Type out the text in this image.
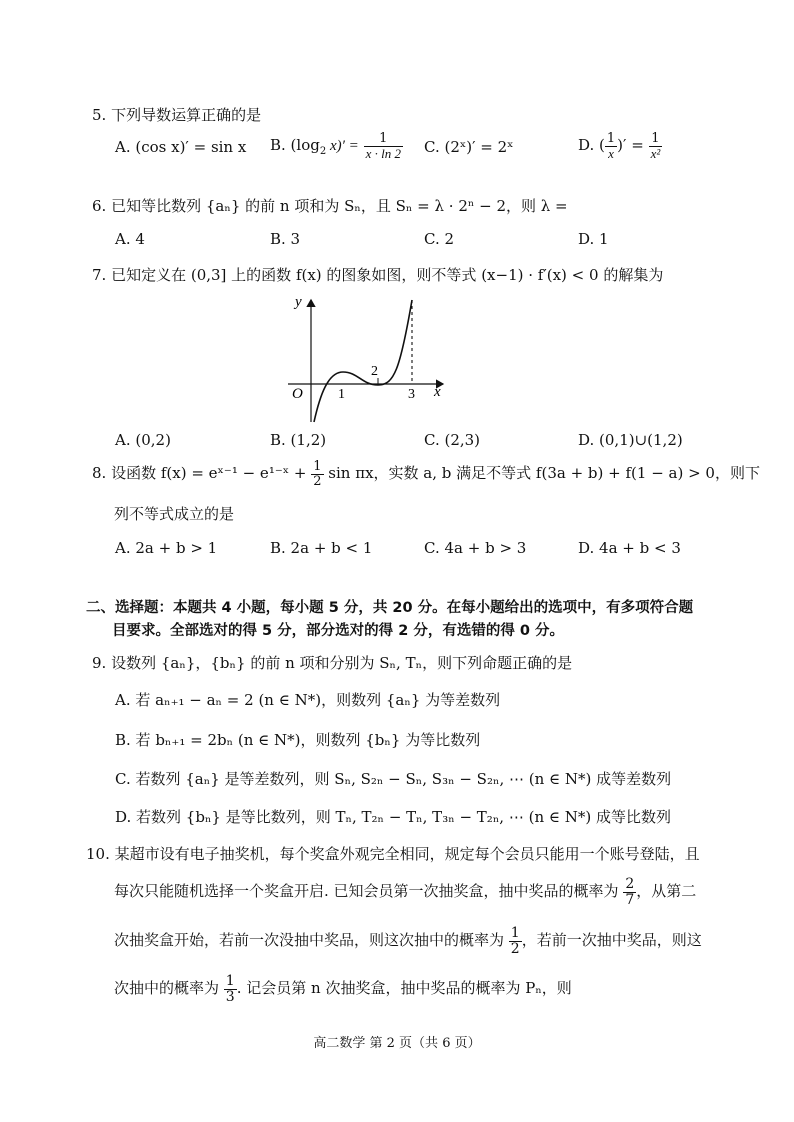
5. 下列导数运算正确的是
A. (cos x)′ = sin x B. ($\log_2$ $x)' = \frac{1}{x \cdot \ln 2} C$. (2ˣ)′ = 2ˣ	D. ( $\frac{1}{x}$ )′ = $\frac{1}{\text{x²}}$
6. 已知等比数列 {aₙ} 的前 n 项和为 Sₙ，且 Sₙ = λ · 2ⁿ − 2，则 λ =
A. 4	B. 3	C. 2	D. 1
7. 已知定义在 (0,3] 上的函数 f(x) 的图象如图，则不等式 (x−1) · f′(x) < 0 的解集为
y
x
O	1
2
3
A. (0,2)	B. (1,2)	C. (2,3)	D. (0,1)∪(1,2)
8. 设函数 f(x) = eˣ⁻¹ − e¹⁻ˣ + $\frac{1}{2}$ sin πx，实数 a, b 满足不等式 f(3a + b) + f(1 − a) > 0，则下
列不等式成立的是
A. 2a + b > 1	B. 2a + b < 1	C. 4a + b > 3	D. 4a + b < 3
二、选择题：本题共 4 小题，每小题 5 分，共 20 分。在每小题给出的选项中，有多项符合题
目要求。全部选对的得 5 分，部分选对的得 2 分，有选错的得 0 分。
9. 设数列 {aₙ}，{bₙ} 的前 n 项和分别为 Sₙ, Tₙ，则下列命题正确的是
A. 若 aₙ₊₁ − aₙ = 2 (n ∈ N*)，则数列 {aₙ} 为等差数列
B. 若 bₙ₊₁ = 2bₙ (n ∈ N*)，则数列 {bₙ} 为等比数列
C. 若数列 {aₙ} 是等差数列，则 Sₙ, S₂ₙ − Sₙ, S₃ₙ − S₂ₙ, ⋯ (n ∈ N*) 成等差数列
D. 若数列 {bₙ} 是等比数列，则 Tₙ, T₂ₙ − Tₙ, T₃ₙ − T₂ₙ, ⋯ (n ∈ N*) 成等比数列
10. 某超市设有电子抽奖机，每个奖盒外观完全相同，规定每个会员只能用一个账号登陆，且
每次只能随机选择一个奖盒开启. 已知会员第一次抽奖盒，抽中奖品的概率为 $\frac{2}{7}$ ，从第二
次抽奖盒开始，若前一次没抽中奖品，则这次抽中的概率为 $\frac{1}{2}$ ，若前一次抽中奖品，则这
次抽中的概率为 $\frac{1}{3}$ . 记会员第 n 次抽奖盒，抽中奖品的概率为 Pₙ，则
高二数学 第 2 页（共 6 页）
